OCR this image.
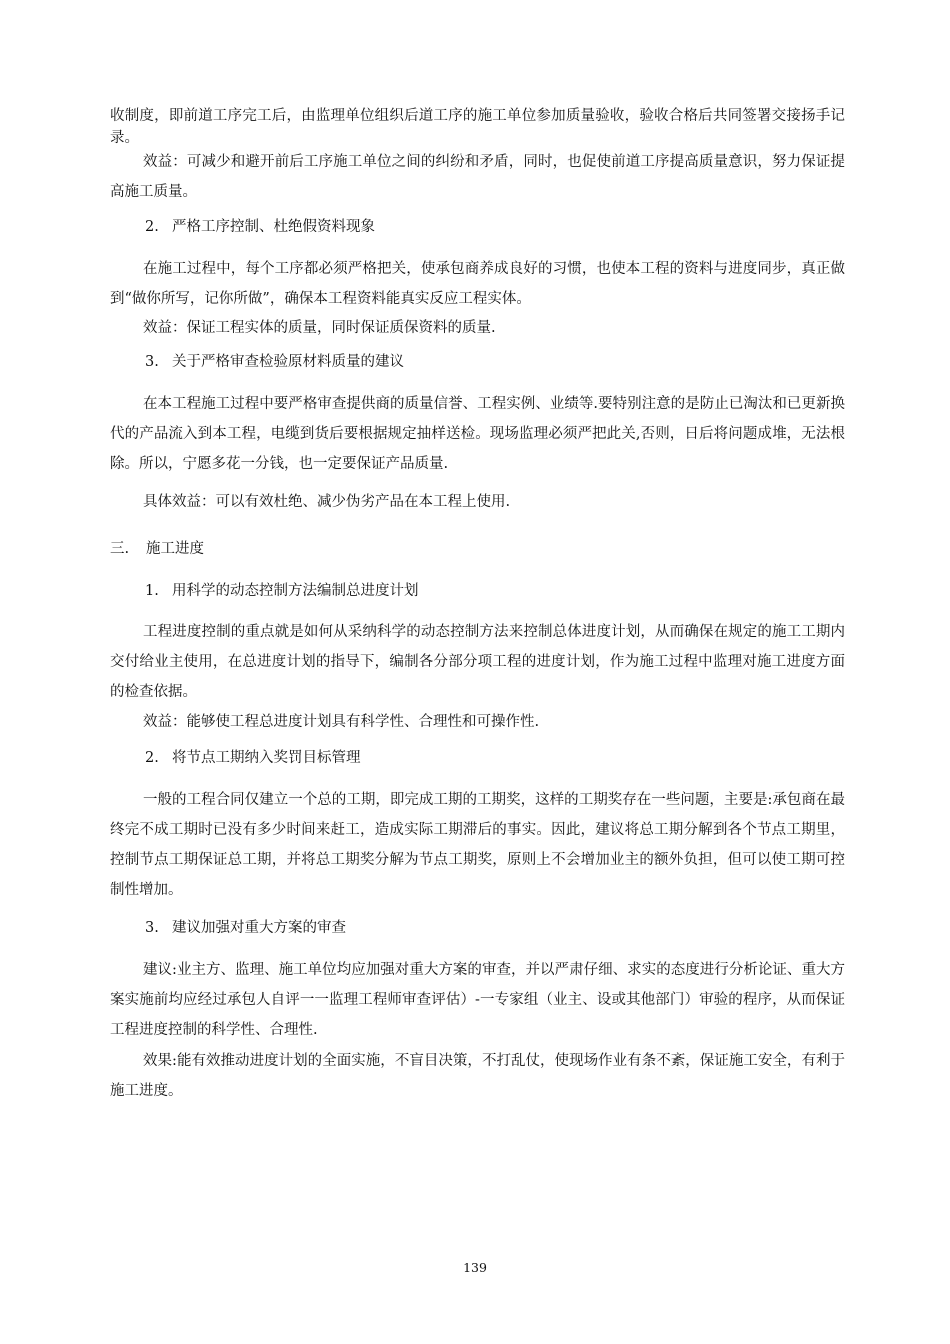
收制度，即前道工序完工后，由监理单位组织后道工序的施工单位参加质量验收，验收合格后共同签署交接扬手记录。
效益：可减少和避开前后工序施工单位之间的纠纷和矛盾，同时，也促使前道工序提高质量意识，努力保证提高施工质量。
2. 严格工序控制、杜绝假资料现象
在施工过程中，每个工序都必须严格把关，使承包商养成良好的习惯，也使本工程的资料与进度同步，真正做到“做你所写，记你所做”，确保本工程资料能真实反应工程实体。
效益：保证工程实体的质量，同时保证质保资料的质量.
3. 关于严格审查检验原材料质量的建议
在本工程施工过程中要严格审查提供商的质量信誉、工程实例、业绩等.要特别注意的是防止已淘汰和已更新换代的产品流入到本工程，电缆到货后要根据规定抽样送检。现场监理必须严把此关,否则，日后将问题成堆，无法根除。所以，宁愿多花一分钱，也一定要保证产品质量.
具体效益：可以有效杜绝、减少伪劣产品在本工程上使用.
三. 施工进度
1. 用科学的动态控制方法编制总进度计划
工程进度控制的重点就是如何从采纳科学的动态控制方法来控制总体进度计划，从而确保在规定的施工工期内交付给业主使用，在总进度计划的指导下，编制各分部分项工程的进度计划，作为施工过程中监理对施工进度方面的检查依据。
效益：能够使工程总进度计划具有科学性、合理性和可操作性.
2. 将节点工期纳入奖罚目标管理
一般的工程合同仅建立一个总的工期，即完成工期的工期奖，这样的工期奖存在一些问题，主要是:承包商在最终完不成工期时已没有多少时间来赶工，造成实际工期滞后的事实。因此，建议将总工期分解到各个节点工期里，控制节点工期保证总工期，并将总工期奖分解为节点工期奖，原则上不会增加业主的额外负担，但可以使工期可控制性增加。
3. 建议加强对重大方案的审查
建议:业主方、监理、施工单位均应加强对重大方案的审查，并以严肃仔细、求实的态度进行分析论证、重大方案实施前均应经过承包人自评一一监理工程师审查评估）-一专家组（业主、设或其他部门）审验的程序，从而保证工程进度控制的科学性、合理性.
效果:能有效推动进度计划的全面实施，不盲目决策，不打乱仗，使现场作业有条不紊，保证施工安全，有利于施工进度。
139
